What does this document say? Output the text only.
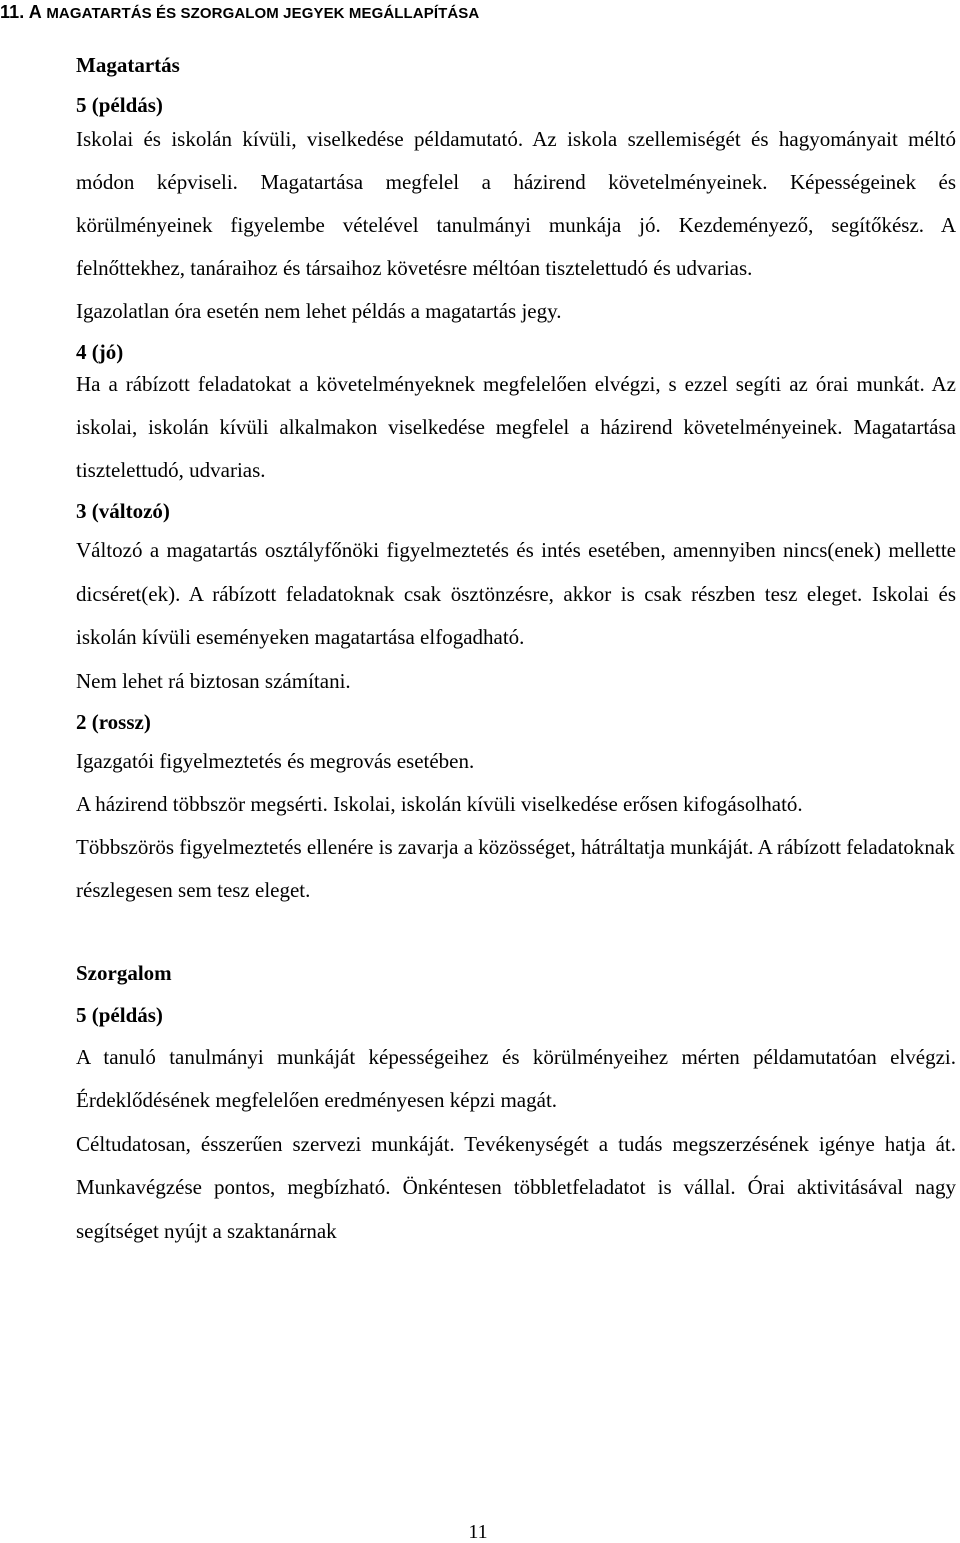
11. A MAGATARTÁS ÉS SZORGALOM JEGYEK MEGÁLLAPÍTÁSA

Magatartás

5 (példás)

Iskolai és iskolán kívüli, viselkedése példamutató. Az iskola szellemiségét és hagyományait méltó módon képviseli. Magatartása megfelel a házirend követelményeinek. Képességeinek és körülményeinek figyelembe vételével tanulmányi munkája jó. Kezdeményező, segítőkész. A felnőttekhez, tanáraihoz és társaihoz követésre méltóan tisztelettudó és udvarias.

Igazolatlan óra esetén nem lehet példás a magatartás jegy.

4 (jó)

Ha a rábízott feladatokat a követelményeknek megfelelően elvégzi, s ezzel segíti az órai munkát. Az iskolai, iskolán kívüli alkalmakon viselkedése megfelel a házirend követelményeinek. Magatartása tisztelettudó, udvarias.

3 (változó)

Változó a magatartás osztályfőnöki figyelmeztetés és intés esetében, amennyiben nincs(enek) mellette dicséret(ek). A rábízott feladatoknak csak ösztönzésre, akkor is csak részben tesz eleget. Iskolai és iskolán kívüli eseményeken magatartása elfogadható.

Nem lehet rá biztosan számítani.

2 (rossz)

Igazgatói figyelmeztetés és megrovás esetében.

A házirend többször megsérti. Iskolai, iskolán kívüli viselkedése erősen kifogásolható.

Többszörös figyelmeztetés ellenére is zavarja a közösséget, hátráltatja munkáját. A rábízott feladatoknak részlegesen sem tesz eleget.

Szorgalom

5 (példás)

A tanuló tanulmányi munkáját képességeihez és körülményeihez mérten példamutatóan elvégzi. Érdeklődésének megfelelően eredményesen képzi magát.

Céltudatosan, ésszerűen szervezi munkáját. Tevékenységét a tudás megszerzésének igénye hatja át. Munkavégzése pontos, megbízható. Önkéntesen többletfeladatot is vállal. Órai aktivitásával nagy segítséget nyújt a szaktanárnak

11
